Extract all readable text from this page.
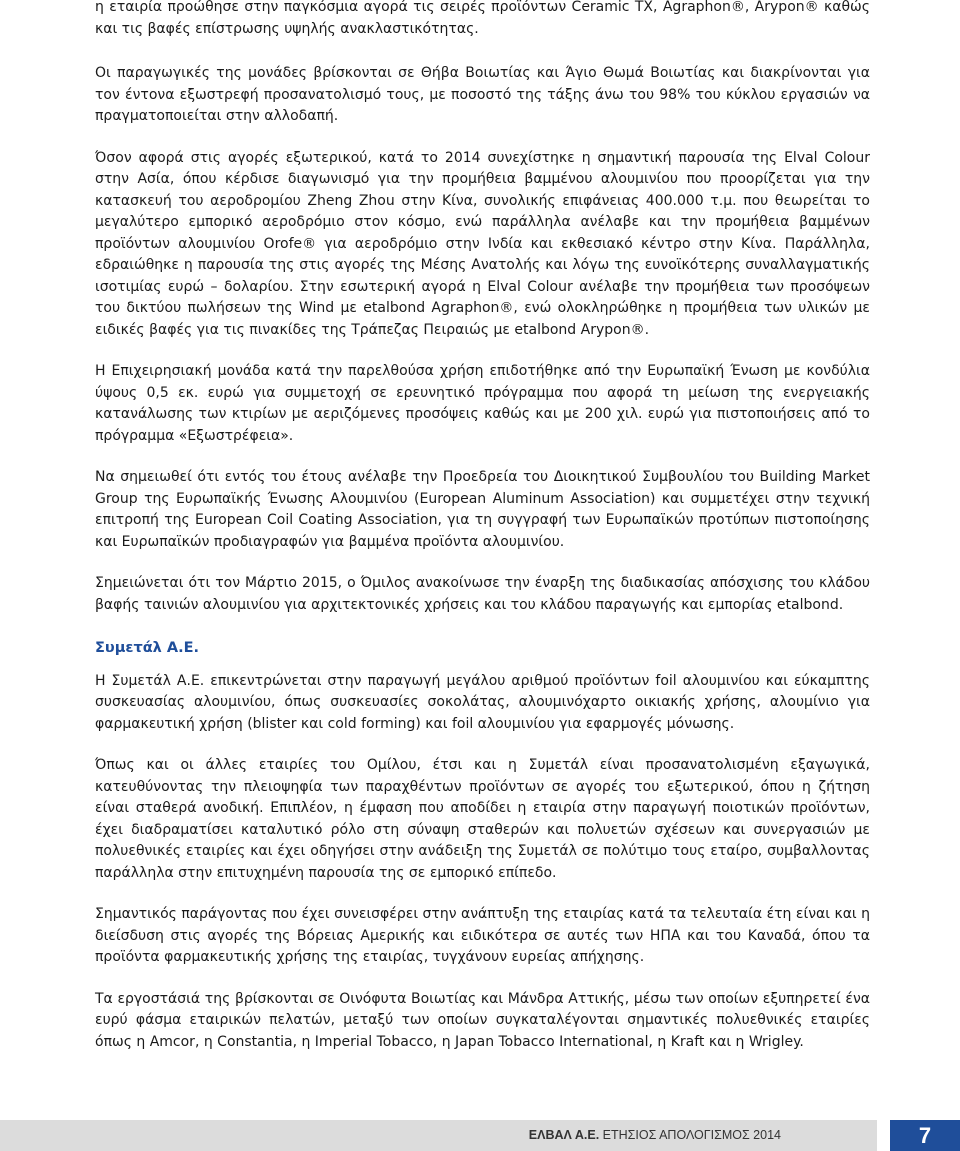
η εταιρία προώθησε στην παγκόσμια αγορά τις σειρές προϊόντων Ceramic TX, Agraphon®, Arypon® καθώς και τις βαφές επίστρωσης υψηλής ανακλαστικότητας.

Οι παραγωγικές της μονάδες βρίσκονται σε Θήβα Βοιωτίας και Άγιο Θωμά Βοιωτίας και διακρίνονται για τον έντονα εξωστρεφή προσανατολισμό τους, με ποσοστό της τάξης άνω του 98% του κύκλου εργασιών να πραγματοποιείται στην αλλοδαπή.

Όσον αφορά στις αγορές εξωτερικού, κατά το 2014 συνεχίστηκε η σημαντική παρουσία της Elval Colour στην Ασία, όπου κέρδισε διαγωνισμό για την προμήθεια βαμμένου αλουμινίου που προορίζεται για την κατασκευή του αεροδρομίου Zheng Zhou στην Κίνα, συνολικής επιφάνειας 400.000 τ.μ. που θεωρείται το μεγαλύτερο εμπορικό αεροδρόμιο στον κόσμο, ενώ παράλληλα ανέλαβε και την προμήθεια βαμμένων προϊόντων αλουμινίου Orofe® για αεροδρόμιο στην Ινδία και εκθεσιακό κέντρο στην Κίνα. Παράλληλα, εδραιώθηκε η παρουσία της στις αγορές της Μέσης Ανατολής και λόγω της ευνοϊκότερης συναλλαγματικής ισοτιμίας ευρώ – δολαρίου. Στην εσωτερική αγορά η Elval Colour ανέλαβε την προμήθεια των προσόψεων του δικτύου πωλήσεων της Wind με etalbond Agraphon®, ενώ ολοκληρώθηκε η προμήθεια των υλικών με ειδικές βαφές για τις πινακίδες της Τράπεζας Πειραιώς με etalbond Arypon®.

Η Επιχειρησιακή μονάδα κατά την παρελθούσα χρήση επιδοτήθηκε από την Ευρωπαϊκή Ένωση με κονδύλια ύψους 0,5 εκ. ευρώ για συμμετοχή σε ερευνητικό πρόγραμμα που αφορά τη μείωση της ενεργειακής κατανάλωσης των κτιρίων με αεριζόμενες προσόψεις καθώς και με 200 χιλ. ευρώ για πιστοποιήσεις από το πρόγραμμα «Εξωστρέφεια».

Να σημειωθεί ότι εντός του έτους ανέλαβε την Προεδρεία του Διοικητικού Συμβουλίου του Building Market Group της Ευρωπαϊκής Ένωσης Αλουμινίου (European Aluminum Association) και συμμετέχει στην τεχνική επιτροπή της European Coil Coating Association, για τη συγγραφή των Ευρωπαϊκών προτύπων πιστοποίησης και Ευρωπαϊκών προδιαγραφών για βαμμένα προϊόντα αλουμινίου.

Σημειώνεται ότι τον Μάρτιο 2015, ο Όμιλος ανακοίνωσε την έναρξη της διαδικασίας απόσχισης του κλάδου βαφής ταινιών αλουμινίου για αρχιτεκτονικές χρήσεις και του κλάδου παραγωγής και εμπορίας etalbond.

Συμετάλ Α.Ε.

Η Συμετάλ Α.Ε. επικεντρώνεται στην παραγωγή μεγάλου αριθμού προϊόντων foil αλουμινίου και εύκαμπτης συσκευασίας αλουμινίου, όπως συσκευασίες σοκολάτας, αλουμινόχαρτο οικιακής χρήσης, αλουμίνιο για φαρμακευτική χρήση (blister και cold forming) και foil αλουμινίου για εφαρμογές μόνωσης.

Όπως και οι άλλες εταιρίες του Ομίλου, έτσι και η Συμετάλ είναι προσανατολισμένη εξαγωγικά, κατευθύνοντας την πλειοψηφία των παραχθέντων προϊόντων σε αγορές του εξωτερικού, όπου η ζήτηση είναι σταθερά ανοδική. Επιπλέον, η έμφαση που αποδίδει η εταιρία στην παραγωγή ποιοτικών προϊόντων, έχει διαδραματίσει καταλυτικό ρόλο στη σύναψη σταθερών και πολυετών σχέσεων και συνεργασιών με πολυεθνικές εταιρίες και έχει οδηγήσει στην ανάδειξη της Συμετάλ σε πολύτιμο τους εταίρο, συμβαλλοντας παράλληλα στην επιτυχημένη παρουσία της σε εμπορικό επίπεδο.

Σημαντικός παράγοντας που έχει συνεισφέρει στην ανάπτυξη της εταιρίας κατά τα τελευταία έτη είναι και η διείσδυση στις αγορές της Βόρειας Αμερικής και ειδικότερα σε αυτές των ΗΠΑ και του Καναδά, όπου τα προϊόντα φαρμακευτικής χρήσης της εταιρίας, τυγχάνουν ευρείας απήχησης.

Τα εργοστάσιά της βρίσκονται σε Οινόφυτα Βοιωτίας και Μάνδρα Αττικής, μέσω των οποίων εξυπηρετεί ένα ευρύ φάσμα εταιρικών πελατών, μεταξύ των οποίων συγκαταλέγονται σημαντικές πολυεθνικές εταιρίες όπως η Amcor, η Constantia, η Imperial Tobacco, η Japan Tobacco International, η Kraft και η Wrigley.

ΕΛΒΑΛ Α.Ε. ΕΤΗΣΙΟΣ ΑΠΟΛΟΓΙΣΜΟΣ 2014	7
